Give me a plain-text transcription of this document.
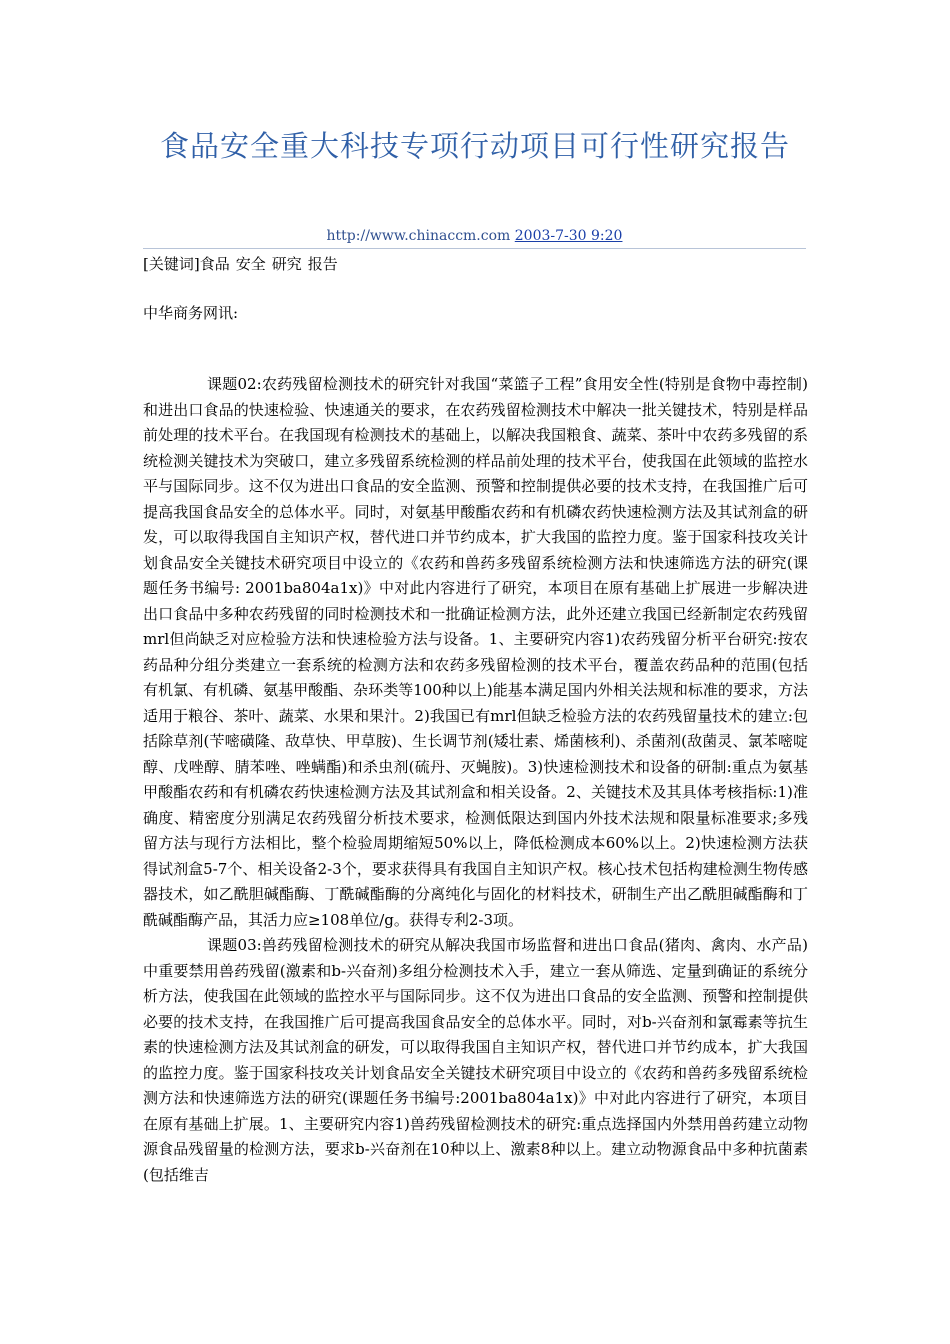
食品安全重大科技专项行动项目可行性研究报告
http://www.chinaccm.com 2003-7-30 9:20
[关键词]食品 安全 研究 报告
中华商务网讯:

课题02:农药残留检测技术的研究针对我国“菜篮子工程”食用安全性(特别是食物中毒控制)和进出口食品的快速检验、快速通关的要求，在农药残留检测技术中解决一批关键技术，特别是样品前处理的技术平台。在我国现有检测技术的基础上，以解决我国粮食、蔬菜、茶叶中农药多残留的系统检测关键技术为突破口，建立多残留系统检测的样品前处理的技术平台，使我国在此领域的监控水平与国际同步。这不仅为进出口食品的安全监测、预警和控制提供必要的技术支持，在我国推广后可提高我国食品安全的总体水平。同时，对氨基甲酸酯农药和有机磷农药快速检测方法及其试剂盒的研发，可以取得我国自主知识产权，替代进口并节约成本，扩大我国的监控力度。鉴于国家科技攻关计划食品安全关键技术研究项目中设立的《农药和兽药多残留系统检测方法和快速筛选方法的研究(课题任务书编号: 2001ba804a1x)》中对此内容进行了研究，本项目在原有基础上扩展进一步解决进出口食品中多种农药残留的同时检测技术和一批确证检测方法，此外还建立我国已经新制定农药残留mrl但尚缺乏对应检验方法和快速检验方法与设备。1、主要研究内容1)农药残留分析平台研究:按农药品种分组分类建立一套系统的检测方法和农药多残留检测的技术平台，覆盖农药品种的范围(包括有机氯、有机磷、氨基甲酸酯、杂环类等100种以上)能基本满足国内外相关法规和标准的要求，方法适用于粮谷、茶叶、蔬菜、水果和果汁。2)我国已有mrl但缺乏检验方法的农药残留量技术的建立:包括除草剂(苄嘧磺隆、敌草快、甲草胺)、生长调节剂(矮壮素、烯菌核利)、杀菌剂(敌菌灵、氯苯嘧啶醇、戊唑醇、腈苯唑、唑螨酯)和杀虫剂(硫丹、灭蝇胺)。3)快速检测技术和设备的研制:重点为氨基甲酸酯农药和有机磷农药快速检测方法及其试剂盒和相关设备。2、关键技术及其具体考核指标:1)准确度、精密度分别满足农药残留分析技术要求，检测低限达到国内外技术法规和限量标准要求;多残留方法与现行方法相比，整个检验周期缩短50%以上，降低检测成本60%以上。2)快速检测方法获得试剂盒5-7个、相关设备2-3个，要求获得具有我国自主知识产权。核心技术包括构建检测生物传感器技术，如乙酰胆碱酯酶、丁酰碱酯酶的分离纯化与固化的材料技术，研制生产出乙酰胆碱酯酶和丁酰碱酯酶产品，其活力应≥108单位/g。获得专利2-3项。

课题03:兽药残留检测技术的研究从解决我国市场监督和进出口食品(猪肉、禽肉、水产品)中重要禁用兽药残留(激素和b-兴奋剂)多组分检测技术入手，建立一套从筛选、定量到确证的系统分析方法，使我国在此领域的监控水平与国际同步。这不仅为进出口食品的安全监测、预警和控制提供必要的技术支持，在我国推广后可提高我国食品安全的总体水平。同时，对b-兴奋剂和氯霉素等抗生素的快速检测方法及其试剂盒的研发，可以取得我国自主知识产权，替代进口并节约成本，扩大我国的监控力度。鉴于国家科技攻关计划食品安全关键技术研究项目中设立的《农药和兽药多残留系统检测方法和快速筛选方法的研究(课题任务书编号:2001ba804a1x)》中对此内容进行了研究，本项目在原有基础上扩展。1、主要研究内容1)兽药残留检测技术的研究:重点选择国内外禁用兽药建立动物源食品残留量的检测方法，要求b-兴奋剂在10种以上、激素8种以上。建立动物源食品中多种抗菌素(包括维吉
